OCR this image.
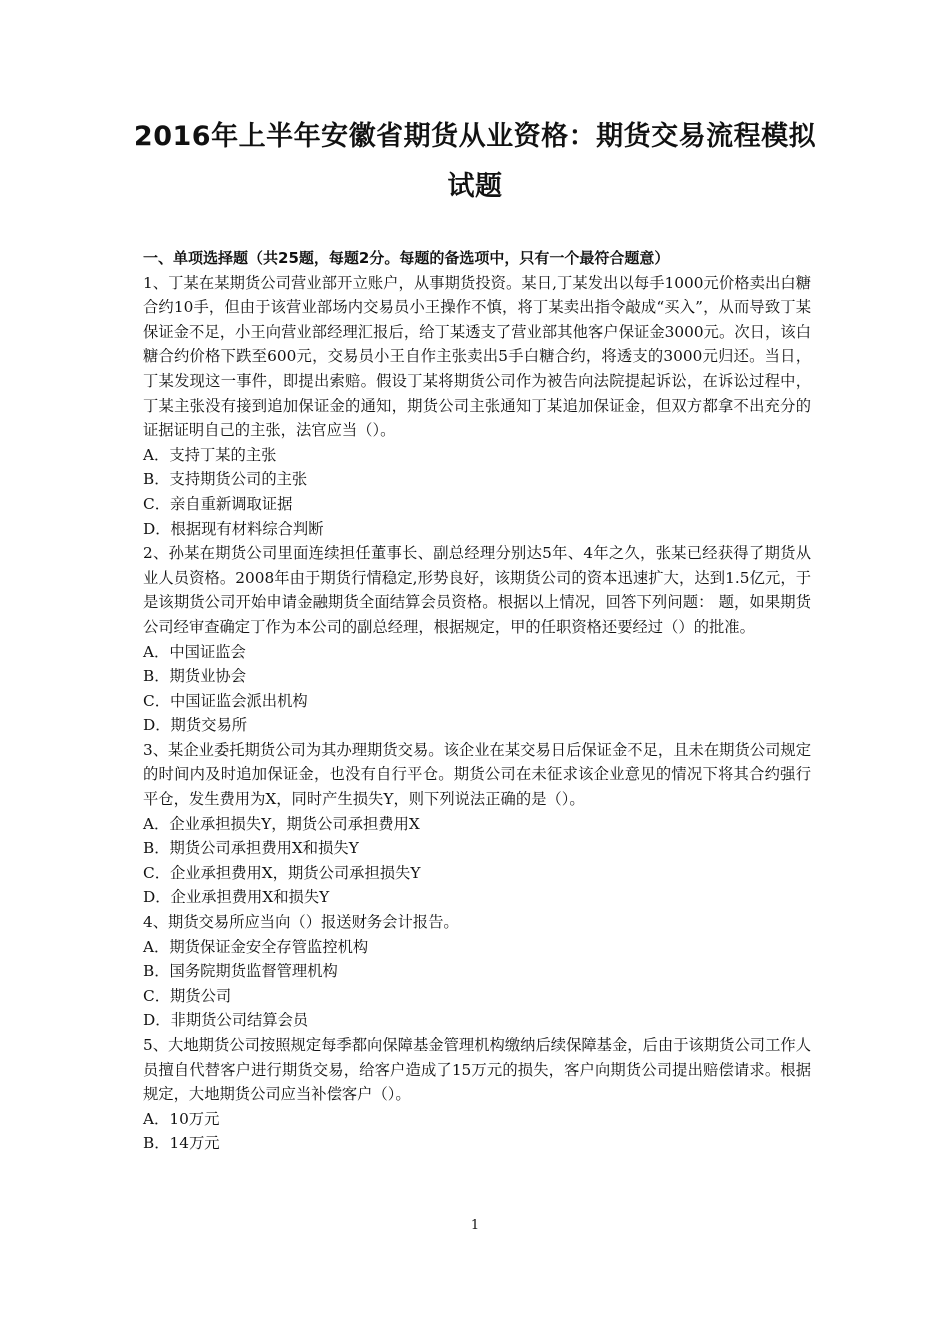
2016年上半年安徽省期货从业资格：期货交易流程模拟试题
一、单项选择题（共25题，每题2分。每题的备选项中，只有一个最符合题意）
1、丁某在某期货公司营业部开立账户，从事期货投资。某日,丁某发出以每手1000元价格卖出白糖合约10手，但由于该营业部场内交易员小王操作不慎，将丁某卖出指令敲成“买入”，从而导致丁某保证金不足，小王向营业部经理汇报后，给丁某透支了营业部其他客户保证金3000元。次日，该白糖合约价格下跌至600元，交易员小王自作主张卖出5手白糖合约，将透支的3000元归还。当日，丁某发现这一事件，即提出索赔。假设丁某将期货公司作为被告向法院提起诉讼，在诉讼过程中，丁某主张没有接到追加保证金的通知，期货公司主张通知丁某追加保证金，但双方都拿不出充分的证据证明自己的主张，法官应当（）。
A．支持丁某的主张
B．支持期货公司的主张
C．亲自重新调取证据
D．根据现有材料综合判断
2、孙某在期货公司里面连续担任董事长、副总经理分别达5年、4年之久，张某已经获得了期货从业人员资格。2008年由于期货行情稳定,形势良好，该期货公司的资本迅速扩大，达到1.5亿元，于是该期货公司开始申请金融期货全面结算会员资格。根据以上情况，回答下列问题： 题，如果期货公司经审查确定丁作为本公司的副总经理，根据规定，甲的任职资格还要经过（）的批准。
A．中国证监会
B．期货业协会
C．中国证监会派出机构
D．期货交易所
3、某企业委托期货公司为其办理期货交易。该企业在某交易日后保证金不足，且未在期货公司规定的时间内及时追加保证金，也没有自行平仓。期货公司在未征求该企业意见的情况下将其合约强行平仓，发生费用为X，同时产生损失Y，则下列说法正确的是（）。
A．企业承担损失Y，期货公司承担费用X
B．期货公司承担费用X和损失Y
C．企业承担费用X，期货公司承担损失Y
D．企业承担费用X和损失Y
4、期货交易所应当向（）报送财务会计报告。
A．期货保证金安全存管监控机构
B．国务院期货监督管理机构
C．期货公司
D．非期货公司结算会员
5、大地期货公司按照规定每季都向保障基金管理机构缴纳后续保障基金，后由于该期货公司工作人员擅自代替客户进行期货交易，给客户造成了15万元的损失，客户向期货公司提出赔偿请求。根据规定，大地期货公司应当补偿客户（）。
A．10万元
B．14万元
1
